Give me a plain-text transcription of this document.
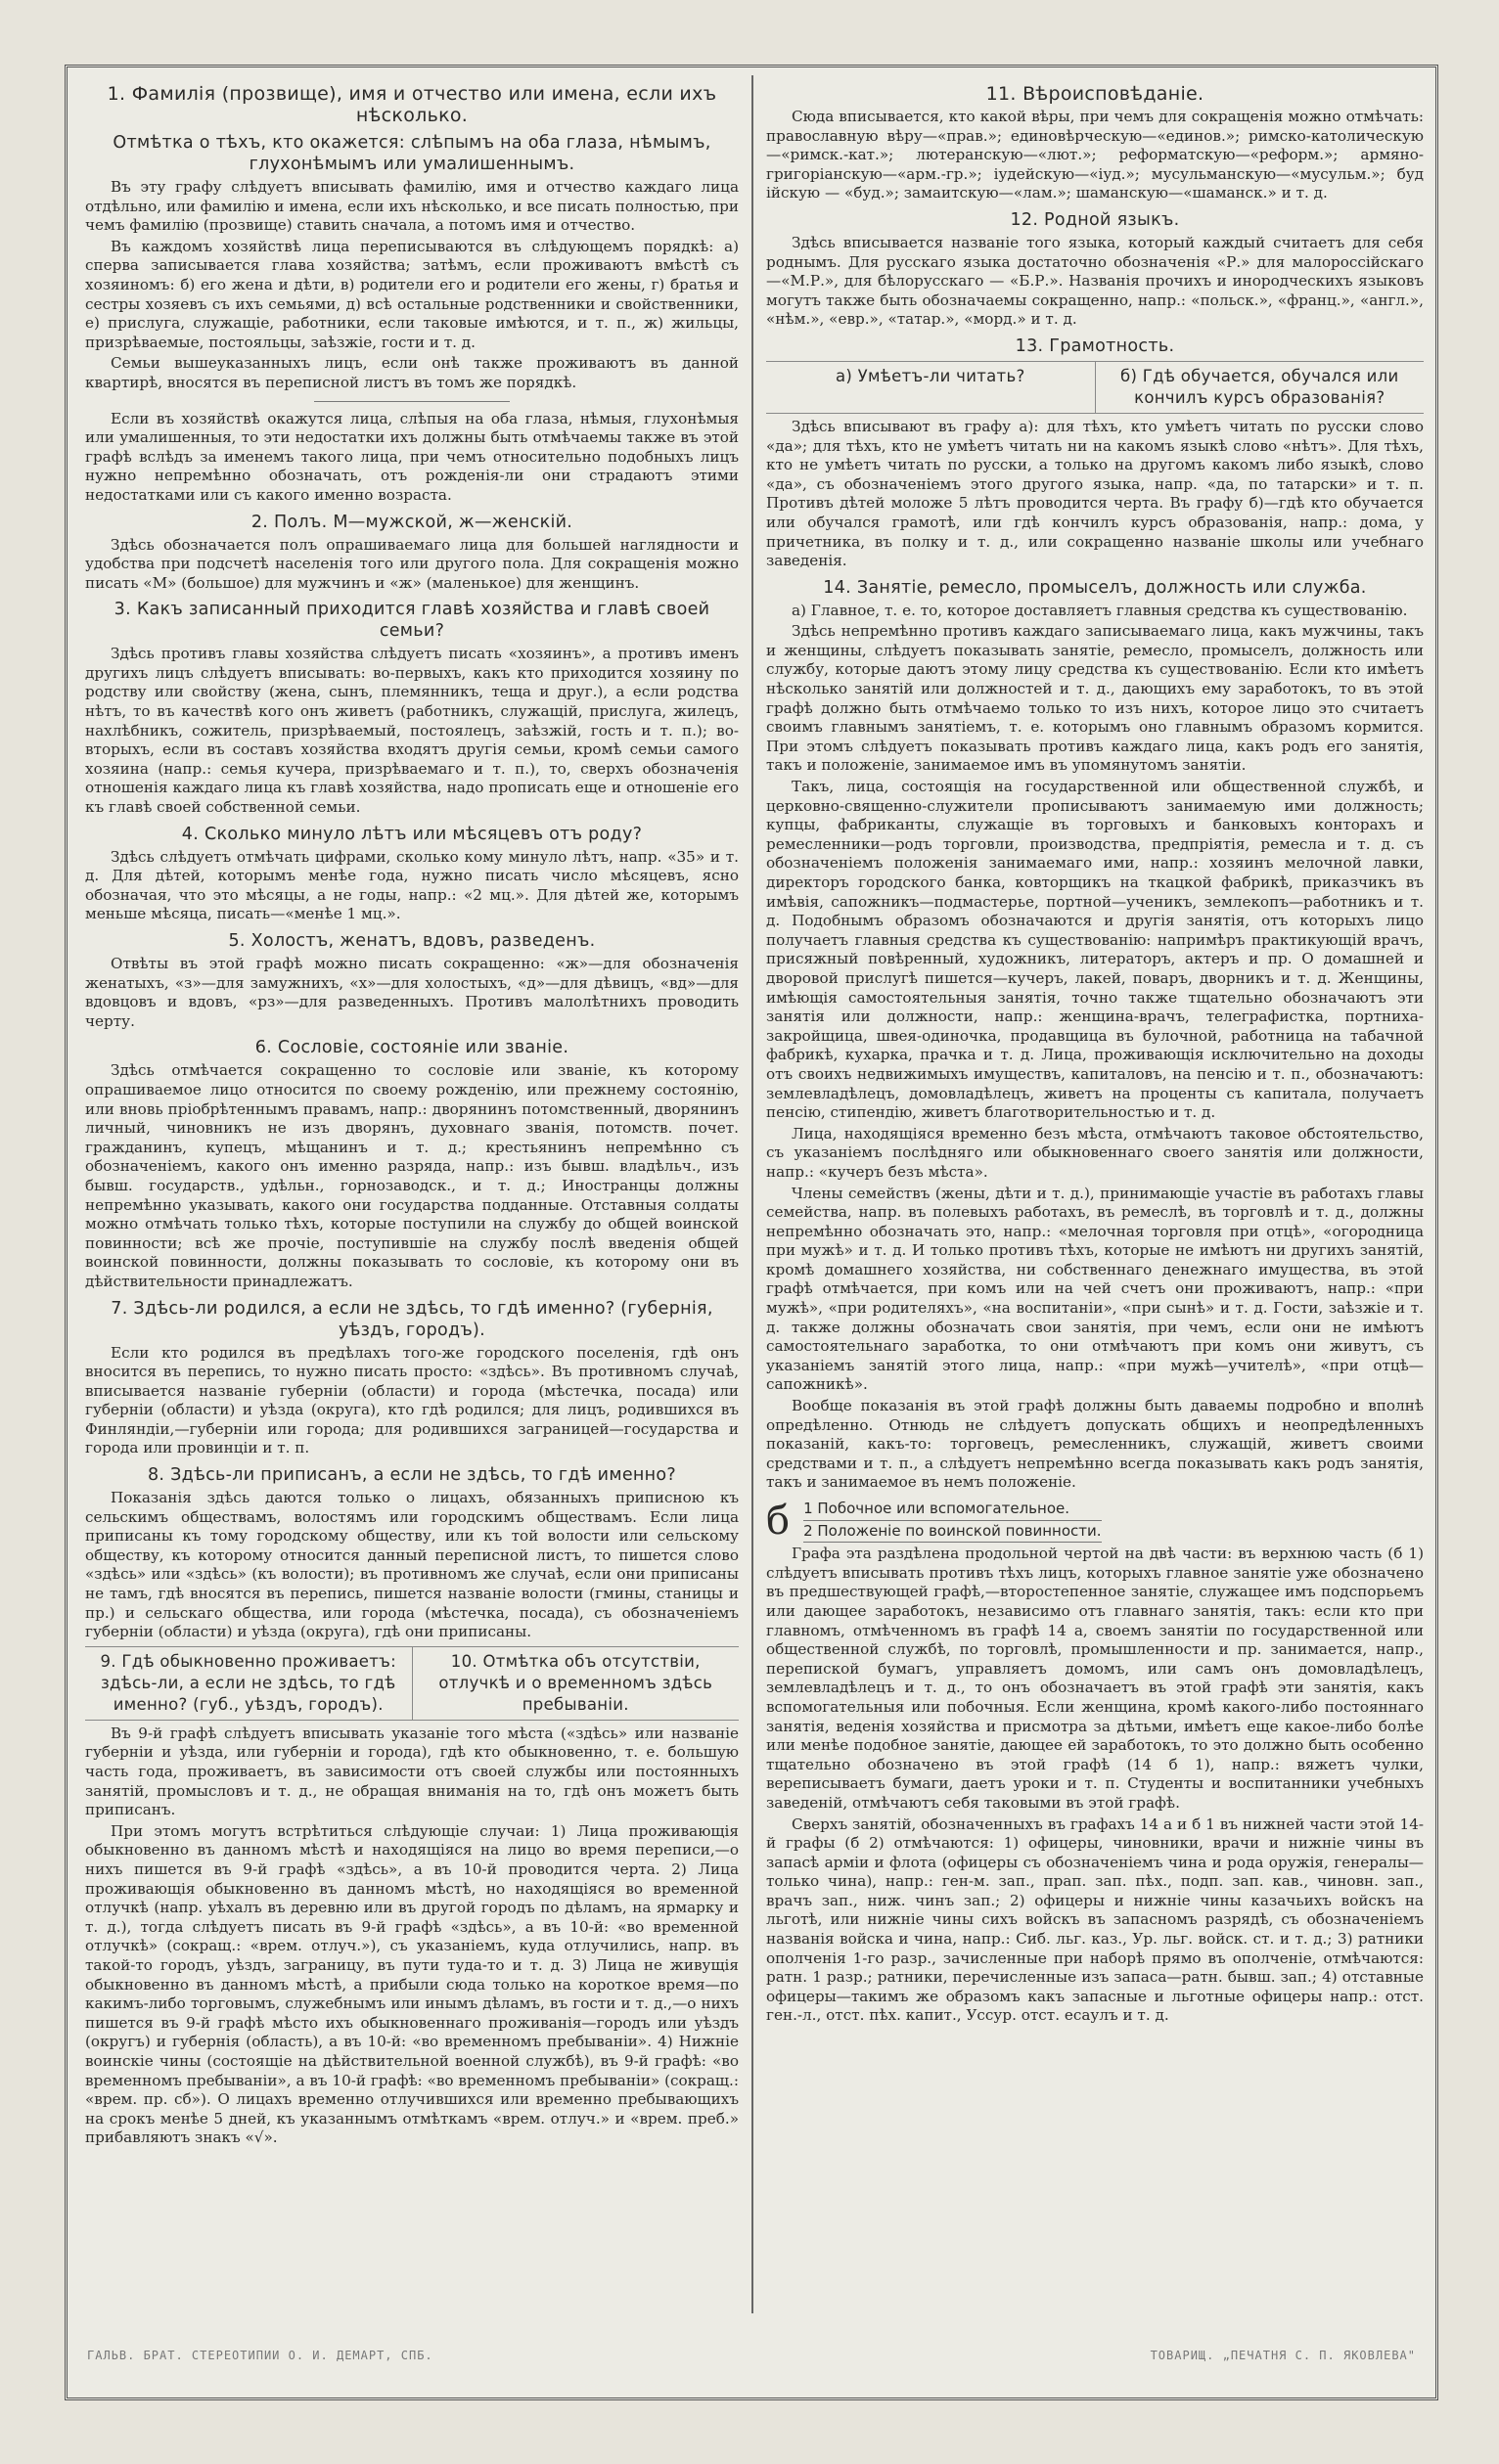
1. Фамилія (прозвище), имя и отчество или имена, если ихъ нѣсколько.
Отмѣтка о тѣхъ, кто окажется: слѣпымъ на оба глаза, нѣмымъ, глухонѣмымъ или умалишеннымъ.

Въ эту графу слѣдуетъ вписывать фамилію, имя и отчество каждаго лица отдѣльно, или фамилію и имена, если ихъ нѣсколько, и все писать полностью, при чемъ фамилію (прозвище) ставить сначала, а потомъ имя и отчество.

Въ каждомъ хозяйствѣ лица переписываются въ слѣдующемъ порядкѣ: а) сперва записывается глава хозяйства; затѣмъ, если проживаютъ вмѣстѣ съ хозяиномъ: б) его жена и дѣти, в) родители его и родители его жены, г) братья и сестры хозяевъ съ ихъ семьями, д) всѣ остальные родственники и свойственники, е) прислуга, служащіе, работники, если таковые имѣются, и т. п., ж) жильцы, призрѣваемые, постояльцы, заѣзжіе, гости и т. д.

Семьи вышеуказанныхъ лицъ, если онѣ также проживаютъ въ данной квартирѣ, вносятся въ переписной листъ въ томъ же порядкѣ.

Если въ хозяйствѣ окажутся лица, слѣпыя на оба глаза, нѣмыя, глухонѣмыя или умалишенныя, то эти недостатки ихъ должны быть отмѣчаемы также въ этой графѣ вслѣдъ за именемъ такого лица, при чемъ относительно подобныхъ лицъ нужно непремѣнно обозначать, отъ рожденія-ли они страдаютъ этими недостатками или съ какого именно возраста.

2. Полъ. М—мужской, ж—женскій.

Здѣсь обозначается полъ опрашиваемаго лица для большей наглядности и удобства при подсчетѣ населенія того или другого пола. Для сокращенія можно писать «М» (большое) для мужчинъ и «ж» (маленькое) для женщинъ.

3. Какъ записанный приходится главѣ хозяйства и главѣ своей семьи?

Здѣсь противъ главы хозяйства слѣдуетъ писать «хозяинъ», а противъ именъ другихъ лицъ слѣдуетъ вписывать: во-первыхъ, какъ кто приходится хозяину по родству или свойству (жена, сынъ, племянникъ, теща и друг.), а если родства нѣтъ, то въ качествѣ кого онъ живетъ (работникъ, служащій, прислуга, жилецъ, нахлѣбникъ, сожитель, призрѣваемый, постоялецъ, заѣзжій, гость и т. п.); во-вторыхъ, если въ составъ хозяйства входятъ другія семьи, кромѣ семьи самого хозяина (напр.: семья кучера, призрѣваемаго и т. п.), то, сверхъ обозначенія отношенія каждаго лица къ главѣ хозяйства, надо прописать еще и отношеніе его къ главѣ своей собственной семьи.

4. Сколько минуло лѣтъ или мѣсяцевъ отъ роду?

Здѣсь слѣдуетъ отмѣчать цифрами, сколько кому минуло лѣтъ, напр. «35» и т. д. Для дѣтей, которымъ менѣе года, нужно писать число мѣсяцевъ, ясно обозначая, что это мѣсяцы, а не годы, напр.: «2 мц.». Для дѣтей же, которымъ меньше мѣсяца, писать—«менѣе 1 мц.».

5. Холостъ, женатъ, вдовъ, разведенъ.

Отвѣты въ этой графѣ можно писать сокращенно: «ж»—для обозначенія женатыхъ, «з»—для замужнихъ, «х»—для холостыхъ, «д»—для дѣвицъ, «вд»—для вдовцовъ и вдовъ, «рз»—для разведенныхъ. Противъ малолѣтнихъ проводить черту.

6. Сословіе, состояніе или званіе.

Здѣсь отмѣчается сокращенно то сословіе или званіе, къ которому опрашиваемое лицо относится по своему рожденію, или прежнему состоянію, или вновь пріобрѣтеннымъ правамъ, напр.: дворянинъ потомственный, дворянинъ личный, чиновникъ не изъ дворянъ, духовнаго званія, потомств. почет. гражданинъ, купецъ, мѣщанинъ и т. д.; крестьянинъ непремѣнно съ обозначеніемъ, какого онъ именно разряда, напр.: изъ бывш. владѣльч., изъ бывш. государств., удѣльн., горнозаводск., и т. д.; Иностранцы должны непремѣнно указывать, какого они государства подданные. Отставныя солдаты можно отмѣчать только тѣхъ, которые поступили на службу до общей воинской повинности; всѣ же прочіе, поступившіе на службу послѣ введенія общей воинской повинности, должны показывать то сословіе, къ которому они въ дѣйствительности принадлежатъ.

7. Здѣсь-ли родился, а если не здѣсь, то гдѣ именно? (губернія, уѣздъ, городъ).

Если кто родился въ предѣлахъ того-же городского поселенія, гдѣ онъ вносится въ перепись, то нужно писать просто: «здѣсь». Въ противномъ случаѣ, вписывается названіе губерніи (области) и города (мѣстечка, посада) или губерніи (области) и уѣзда (округа), кто гдѣ родился; для лицъ, родившихся въ Финляндіи,—губерніи или города; для родившихся заграницей—государства и города или провинціи и т. п.

8. Здѣсь-ли приписанъ, а если не здѣсь, то гдѣ именно?

Показанія здѣсь даются только о лицахъ, обязанныхъ приписною къ сельскимъ обществамъ, волостямъ или городскимъ обществамъ. Если лица приписаны къ тому городскому обществу, или къ той волости или сельскому обществу, къ которому относится данный переписной листъ, то пишется слово «здѣсь» или «здѣсь» (къ волости); въ противномъ же случаѣ, если они приписаны не тамъ, гдѣ вносятся въ перепись, пишется названіе волости (гмины, станицы и пр.) и сельскаго общества, или города (мѣстечка, посада), съ обозначеніемъ губерніи (области) и уѣзда (округа), гдѣ они приписаны.

9. Гдѣ обыкновенно проживаетъ: здѣсь-ли, а если не здѣсь, то гдѣ именно? (губ., уѣздъ, городъ).
10. Отмѣтка объ отсутствіи, отлучкѣ и о временномъ здѣсь пребываніи.

Въ 9-й графѣ слѣдуетъ вписывать указаніе того мѣста («здѣсь» или названіе губерніи и уѣзда, или губерніи и города), гдѣ кто обыкновенно, т. е. большую часть года, проживаетъ, въ зависимости отъ своей службы или постоянныхъ занятій, промысловъ и т. д., не обращая вниманія на то, гдѣ онъ можетъ быть приписанъ.

При этомъ могутъ встрѣтиться слѣдующіе случаи: 1) Лица проживающія обыкновенно въ данномъ мѣстѣ и находящіяся на лицо во время переписи,—о нихъ пишется въ 9-й графѣ «здѣсь», а въ 10-й проводится черта. 2) Лица проживающія обыкновенно въ данномъ мѣстѣ, но находящіяся во временной отлучкѣ (напр. уѣхалъ въ деревню или въ другой городъ по дѣламъ, на ярмарку и т. д.), тогда слѣдуетъ писать въ 9-й графѣ «здѣсь», а въ 10-й: «во временной отлучкѣ» (сокращ.: «врем. отлуч.»), съ указаніемъ, куда отлучились, напр. въ такой-то городъ, уѣздъ, заграницу, въ пути туда-то и т. д. 3) Лица не живущія обыкновенно въ данномъ мѣстѣ, а прибыли сюда только на короткое время—по какимъ-либо торговымъ, служебнымъ или инымъ дѣламъ, въ гости и т. д.,—о нихъ пишется въ 9-й графѣ мѣсто ихъ обыкновеннаго проживанія—городъ или уѣздъ (округъ) и губернія (область), а въ 10-й: «во временномъ пребываніи». 4) Нижніе воинскіе чины (состоящіе на дѣйствительной военной службѣ), въ 9-й графѣ: «во временномъ пребываніи», а въ 10-й графѣ: «во временномъ пребываніи» (сокращ.: «врем. пр. сб»). О лицахъ временно отлучившихся или временно пребывающихъ на срокъ менѣе 5 дней, къ указаннымъ отмѣткамъ «врем. отлуч.» и «врем. преб.» прибавляютъ знакъ «√».

11. Вѣроисповѣданіе.

Сюда вписывается, кто какой вѣры, при чемъ для сокращенія можно отмѣчать: православную вѣру—«прав.»; единовѣрческую—«единов.»; римско-католическую—«римск.-кат.»; лютеранскую—«лют.»; реформатскую—«реформ.»; армяно-григоріанскую—«арм.-гр.»; іудейскую—«іуд.»; мусульманскую—«мусульм.»; буд ійскую — «буд.»; замаитскую—«лам.»; шаманскую—«шаманск.» и т. д.

12. Родной языкъ.

Здѣсь вписывается названіе того языка, который каждый считаетъ для себя роднымъ. Для русскаго языка достаточно обозначенія «Р.» для малороссійскаго—«М.Р.», для бѣлорусскаго — «Б.Р.». Названія прочихъ и инородческихъ языковъ могутъ также быть обозначаемы сокращенно, напр.: «польск.», «франц.», «англ.», «нѣм.», «евр.», «татар.», «морд.» и т. д.

13. Грамотность.
а) Умѣетъ-ли читать?	б) Гдѣ обучается, обучался или кончилъ курсъ образованія?

Здѣсь вписывают въ графу а): для тѣхъ, кто умѣетъ читать по русски слово «да»; для тѣхъ, кто не умѣетъ читать ни на какомъ языкѣ слово «нѣтъ». Для тѣхъ, кто не умѣетъ читать по русски, а только на другомъ какомъ либо языкѣ, слово «да», съ обозначеніемъ этого другого языка, напр. «да, по татарски» и т. п. Противъ дѣтей моложе 5 лѣтъ проводится черта. Въ графу б)—гдѣ кто обучается или обучался грамотѣ, или гдѣ кончилъ курсъ образованія, напр.: дома, у причетника, въ полку и т. д., или сокращенно названіе школы или учебнаго заведенія.

14. Занятіе, ремесло, промыселъ, должность или служба.

а) Главное, т. е. то, которое доставляетъ главныя средства къ существованію.

Здѣсь непремѣнно противъ каждаго записываемаго лица, какъ мужчины, такъ и женщины, слѣдуетъ показывать занятіе, ремесло, промыселъ, должность или службу, которые даютъ этому лицу средства къ существованію. Если кто имѣетъ нѣсколько занятій или должностей и т. д., дающихъ ему заработокъ, то въ этой графѣ должно быть отмѣчаемо только то изъ нихъ, которое лицо это считаетъ своимъ главнымъ занятіемъ, т. е. которымъ оно главнымъ образомъ кормится. При этомъ слѣдуетъ показывать противъ каждаго лица, какъ родъ его занятія, такъ и положеніе, занимаемое имъ въ упомянутомъ занятіи.

Такъ, лица, состоящія на государственной или общественной службѣ, и церковно-священно-служители прописываютъ занимаемую ими должность; купцы, фабриканты, служащіе въ торговыхъ и банковыхъ конторахъ и ремесленники—родъ торговли, производства, предпріятія, ремесла и т. д. съ обозначеніемъ положенія занимаемаго ими, напр.: хозяинъ мелочной лавки, директоръ городского банка, ковторщикъ на ткацкой фабрикѣ, приказчикъ въ имѣвія, сапожникъ—подмастерье, портной—ученикъ, землекопъ—работникъ и т. д. Подобнымъ образомъ обозначаются и другія занятія, отъ которыхъ лицо получаетъ главныя средства къ существованію: напримѣръ практикующій врачъ, присяжный повѣренный, художникъ, литераторъ, актеръ и пр. О домашней и дворовой прислугѣ пишется—кучеръ, лакей, поваръ, дворникъ и т. д. Женщины, имѣющія самостоятельныя занятія, точно также тщательно обозначаютъ эти занятія или должности, напр.: женщина-врачъ, телеграфистка, портниха-закройщица, швея-одиночка, продавщица въ булочной, работница на табачной фабрикѣ, кухарка, прачка и т. д. Лица, проживающія исключительно на доходы отъ своихъ недвижимыхъ имуществъ, капиталовъ, на пенсію и т. п., обозначаютъ: землевладѣлецъ, домовладѣлецъ, живетъ на проценты съ капитала, получаетъ пенсію, стипендію, живетъ благотворительностью и т. д.

Лица, находящіяся временно безъ мѣста, отмѣчаютъ таковое обстоятельство, съ указаніемъ послѣдняго или обыкновеннаго своего занятія или должности, напр.: «кучеръ безъ мѣста».

Члены семействъ (жены, дѣти и т. д.), принимающіе участіе въ работахъ главы семейства, напр. въ полевыхъ работахъ, въ ремеслѣ, въ торговлѣ и т. д., должны непремѣнно обозначать это, напр.: «мелочная торговля при отцѣ», «огородница при мужѣ» и т. д. И только противъ тѣхъ, которые не имѣютъ ни другихъ занятій, кромѣ домашнего хозяйства, ни собственнаго денежнаго имущества, въ этой графѣ отмѣчается, при комъ или на чей счетъ они проживаютъ, напр.: «при мужѣ», «при родителяхъ», «на воспитаніи», «при сынѣ» и т. д. Гости, заѣзжіе и т. д. также должны обозначать свои занятія, при чемъ, если они не имѣютъ самостоятельнаго заработка, то они отмѣчаютъ при комъ они живутъ, съ указаніемъ занятій этого лица, напр.: «при мужѣ—учителѣ», «при отцѣ—сапожникѣ».

Вообще показанія въ этой графѣ должны быть даваемы подробно и вполнѣ опредѣленно. Отнюдь не слѣдуетъ допускать общихъ и неопредѣленныхъ показаній, какъ-то: торговецъ, ремесленникъ, служащій, живетъ своими средствами и т. п., а слѣдуетъ непремѣнно всегда показывать какъ родъ занятія, такъ и занимаемое въ немъ положеніе.

б 1 Побочное или вспомогательное.
2 Положеніе по воинской повинности.

Графа эта раздѣлена продольной чертой на двѣ части: въ верхнюю часть (б 1) слѣдуетъ вписывать противъ тѣхъ лицъ, которыхъ главное занятіе уже обозначено въ предшествующей графѣ,—второстепенное занятіе, служащее имъ подспорьемъ или дающее заработокъ, независимо отъ главнаго занятія, такъ: если кто при главномъ, отмѣченномъ въ графѣ 14 а, своемъ занятіи по государственной или общественной службѣ, по торговлѣ, промышленности и пр. занимается, напр., перепиской бумагъ, управляетъ домомъ, или самъ онъ домовладѣлецъ, землевладѣлецъ и т. д., то онъ обозначаетъ въ этой графѣ эти занятія, какъ вспомогательныя или побочныя. Если женщина, кромѣ какого-либо постояннаго занятія, веденія хозяйства и присмотра за дѣтьми, имѣетъ еще какое-либо болѣе или менѣе подобное занятіе, дающее ей заработокъ, то это должно быть особенно тщательно обозначено въ этой графѣ (14 б 1), напр.: вяжетъ чулки, вереписываетъ бумаги, даетъ уроки и т. п. Студенты и воспитанники учебныхъ заведеній, отмѣчаютъ себя таковыми въ этой графѣ.

Сверхъ занятій, обозначенныхъ въ графахъ 14 а и б 1 въ нижней части этой 14-й графы (б 2) отмѣчаются: 1) офицеры, чиновники, врачи и нижніе чины въ запасѣ арміи и флота (офицеры съ обозначеніемъ чина и рода оружія, генералы—только чина), напр.: ген-м. зап., прап. зап. пѣх., подп. зап. кав., чиновн. зап., врачъ зап., ниж. чинъ зап.; 2) офицеры и нижніе чины казачьихъ войскъ на льготѣ, или нижніе чины сихъ войскъ въ запасномъ разрядѣ, съ обозначеніемъ названія войска и чина, напр.: Сиб. льг. каз., Ур. льг. войск. ст. и т. д.; 3) ратники ополченія 1-го разр., зачисленные при наборѣ прямо въ ополченіе, отмѣчаются: ратн. 1 разр.; ратники, перечисленные изъ запаса—ратн. бывш. зап.; 4) отставные офицеры—такимъ же образомъ какъ запасные и льготные офицеры напр.: отст. ген.-л., отст. пѣх. капит., Уссур. отст. есаулъ и т. д.

ГАЛЬВ. БРАТ. СТЕРЕОТИПИИ О. И. ДЕМАРТ, СПБ.	ТОВАРИЩ. „ПЕЧАТНЯ С. П. ЯКОВЛЕВА"
